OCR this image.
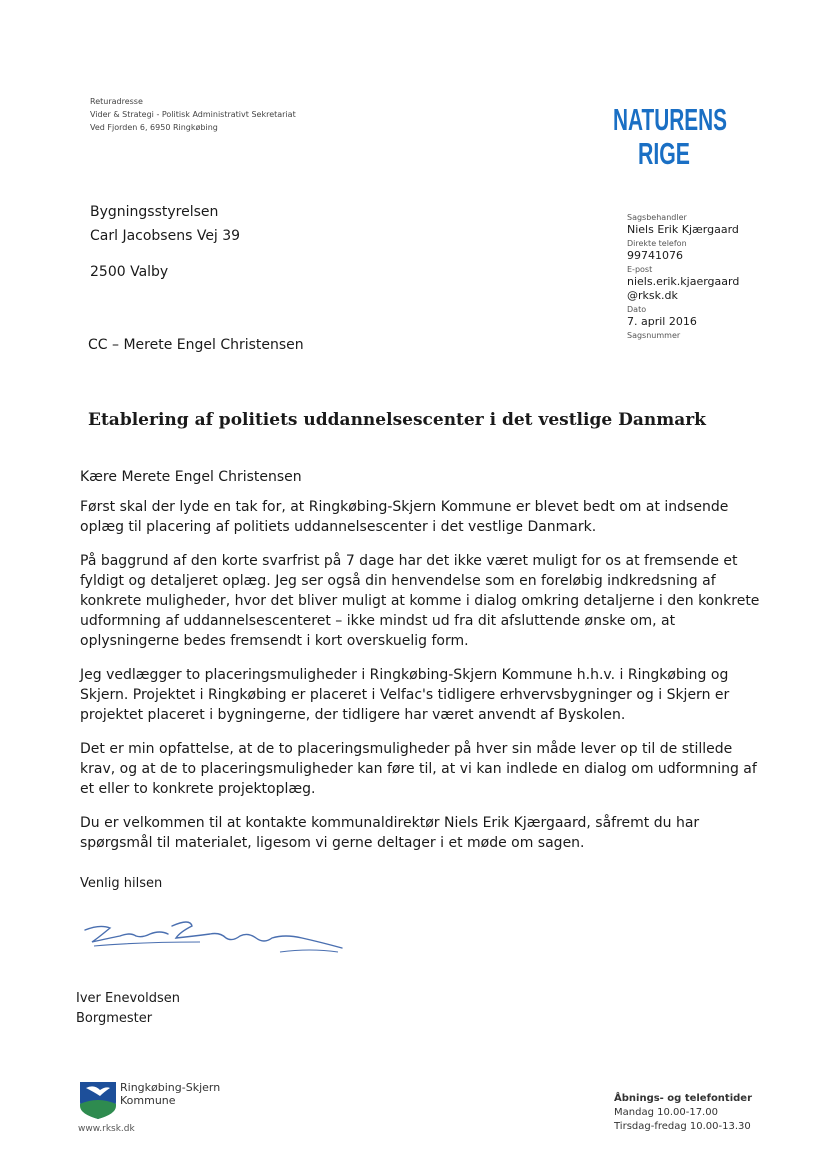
Returadresse
Vider & Strategi - Politisk Administrativt Sekretariat
Ved Fjorden 6, 6950 Ringkøbing	NATURENS
RIGE
Bygningsstyrelsen
Carl Jacobsens Vej 39
2500 Valby
Sagsbehandler
Niels Erik Kjærgaard
Direkte telefon
99741076
E-post
niels.erik.kjaergaard
@rksk.dk
Dato
7. april 2016
Sagsnummer
CC – Merete Engel Christensen
Etablering af politiets uddannelsescenter i det vestlige Danmark
Kære Merete Engel Christensen

Først skal der lyde en tak for, at Ringkøbing-Skjern Kommune er blevet bedt om at indsende oplæg til placering af politiets uddannelsescenter i det vestlige Danmark.

På baggrund af den korte svarfrist på 7 dage har det ikke været muligt for os at fremsende et fyldigt og detaljeret oplæg. Jeg ser også din henvendelse som en foreløbig indkredsning af konkrete muligheder, hvor det bliver muligt at komme i dialog omkring detaljerne i den konkrete udformning af uddannelsescenteret – ikke mindst ud fra dit afsluttende ønske om, at oplysningerne bedes fremsendt i kort overskuelig form.

Jeg vedlægger to placeringsmuligheder i Ringkøbing-Skjern Kommune h.h.v. i Ringkøbing og Skjern. Projektet i Ringkøbing er placeret i Velfac's tidligere erhvervsbygninger og i Skjern er projektet placeret i bygningerne, der tidligere har været anvendt af Byskolen.

Det er min opfattelse, at de to placeringsmuligheder på hver sin måde lever op til de stillede krav, og at de to placeringsmuligheder kan føre til, at vi kan indlede en dialog om udformning af et eller to konkrete projektoplæg.

Du er velkommen til at kontakte kommunaldirektør Niels Erik Kjærgaard, såfremt du har spørgsmål til materialet, ligesom vi gerne deltager i et møde om sagen.

Venlig hilsen
Iver Enevoldsen
Borgmester
Ringkøbing-Skjern
Kommune
www.rksk.dk
Åbnings- og telefontider
Mandag 10.00-17.00
Tirsdag-fredag 10.00-13.30
